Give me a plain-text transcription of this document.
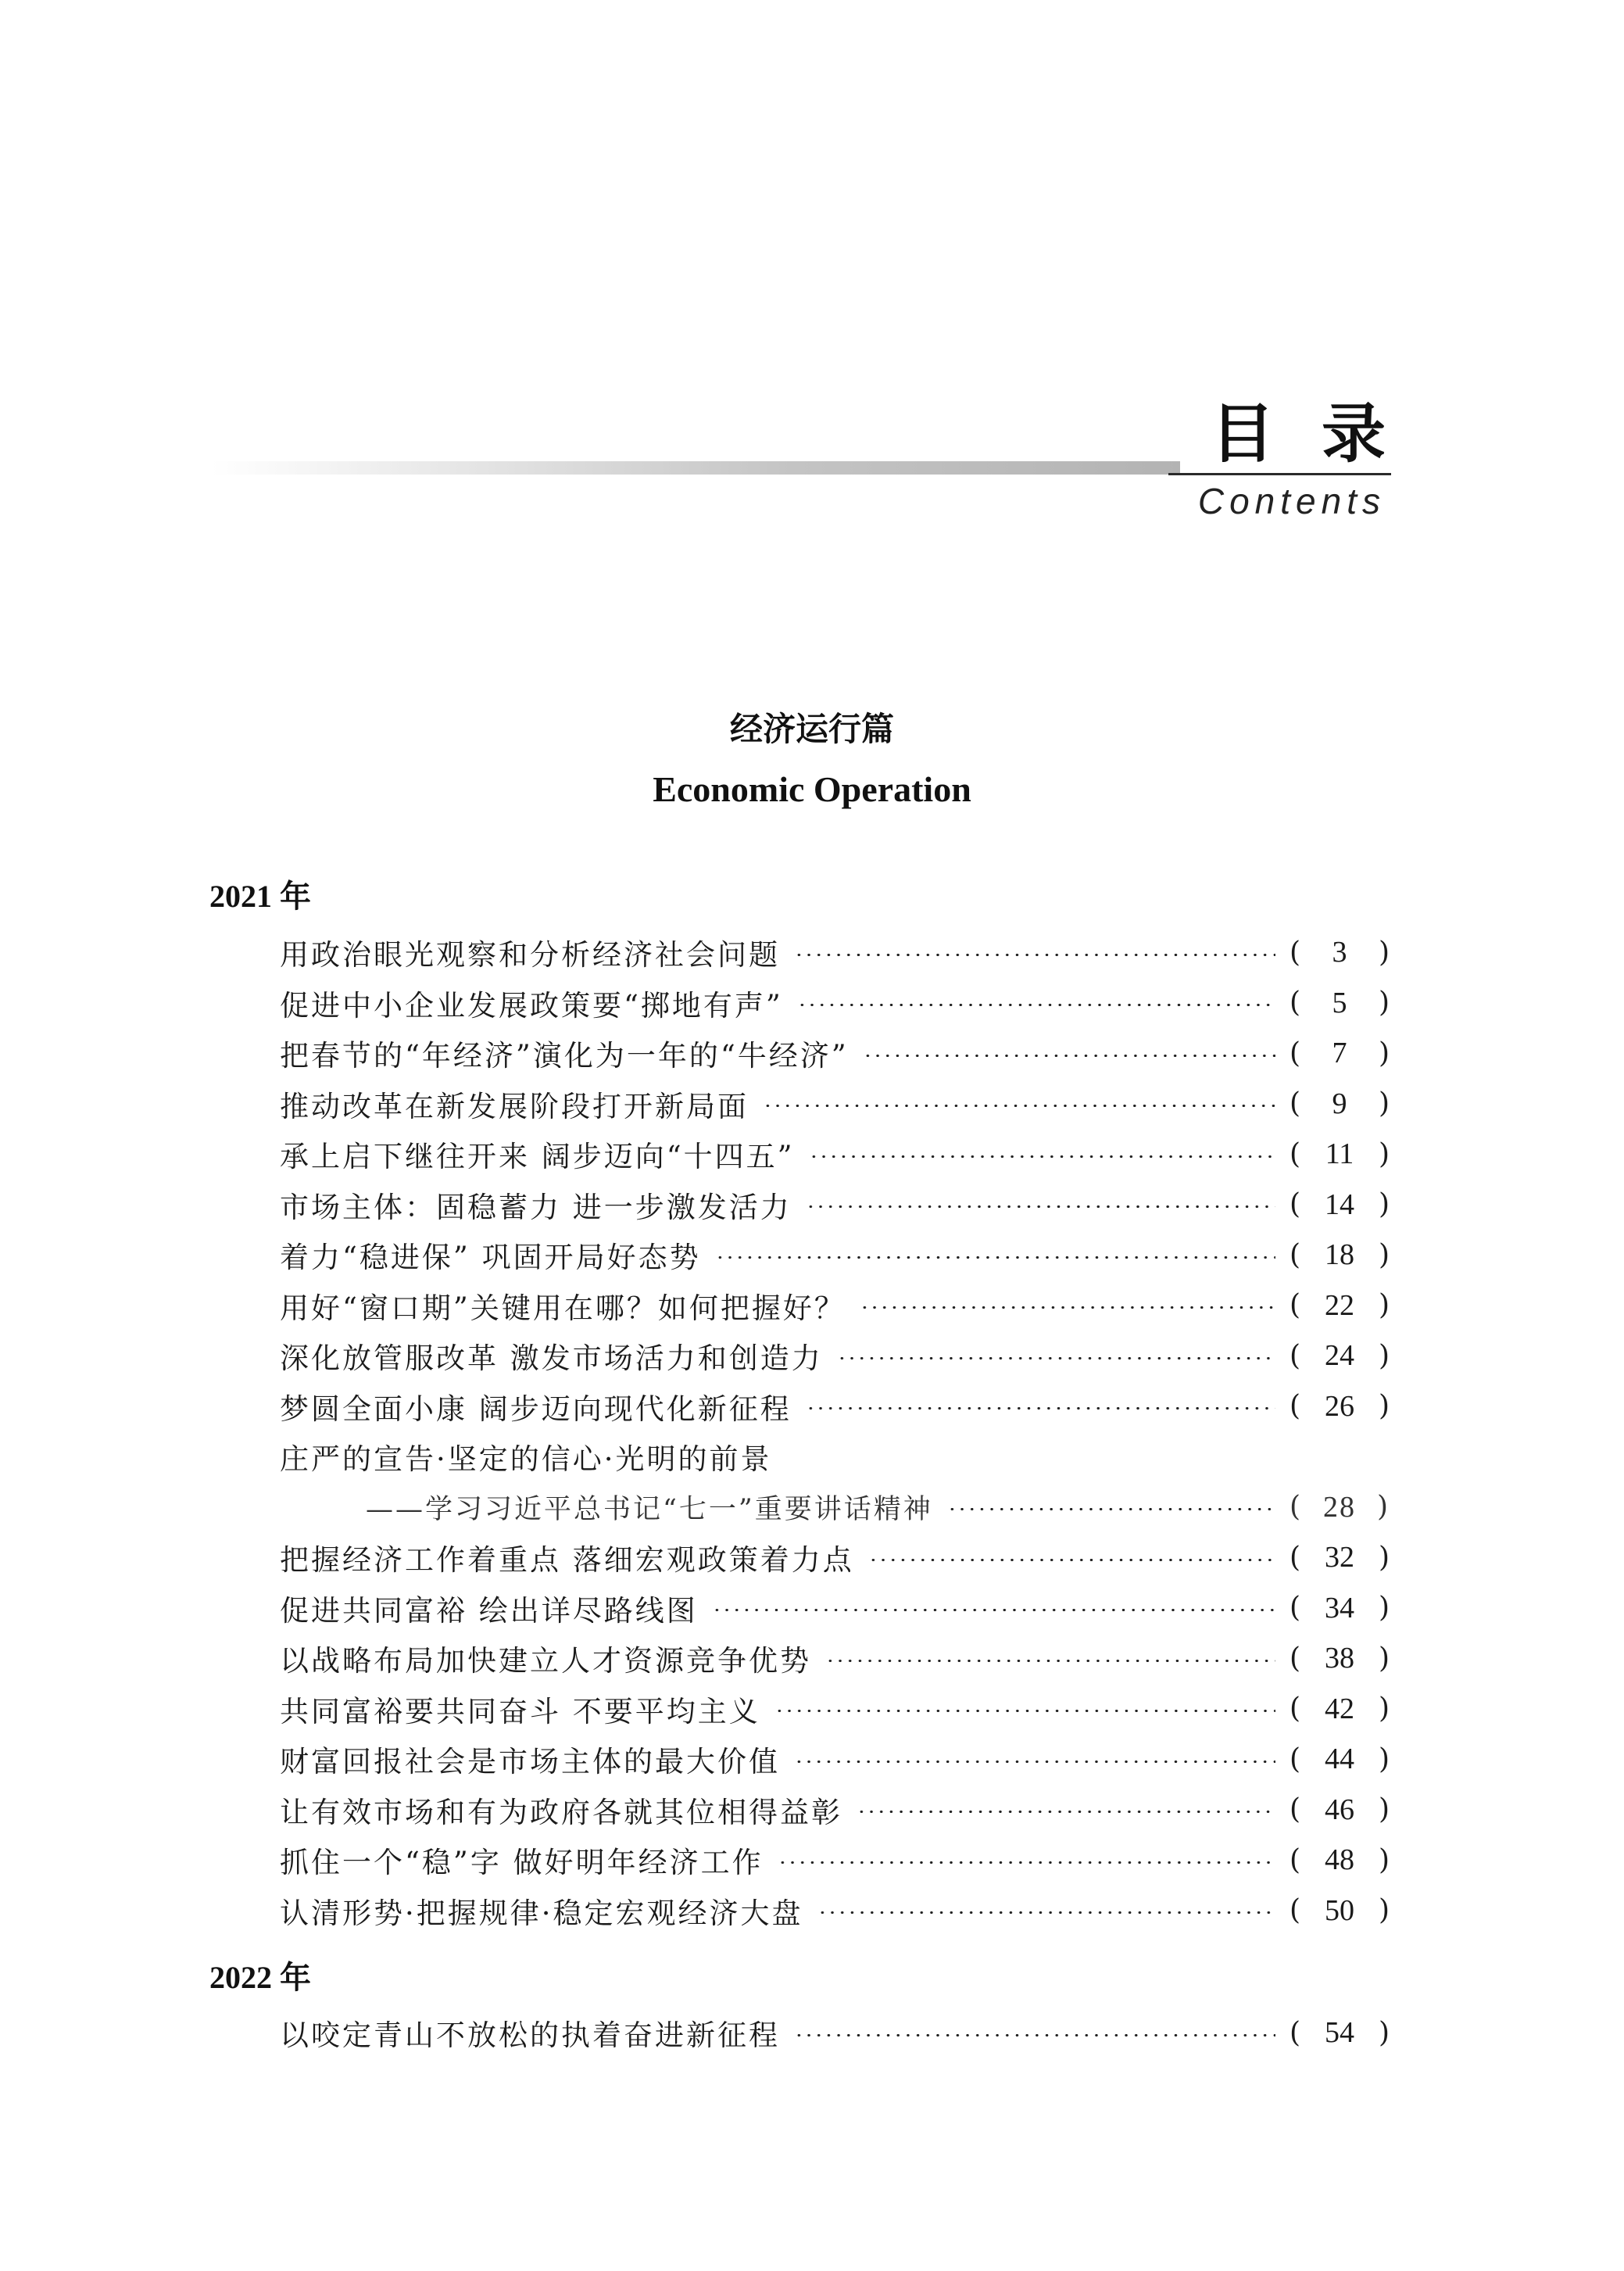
目录
Contents
经济运行篇
Economic Operation
2021 年
用政治眼光观察和分析经济社会问题	(	3	)
促进中小企业发展政策要“掷地有声”	(	5	)
把春节的“年经济”演化为一年的“牛经济”	(	7	)
推动改革在新发展阶段打开新局面	(	9	)
承上启下继往开来 阔步迈向“十四五”	( 11 )
市场主体：固稳蓄力 进一步激发活力	( 14 )
着力“稳进保” 巩固开局好态势	( 18 )
用好“窗口期”关键用在哪？如何把握好？	( 22 )
深化放管服改革 激发市场活力和创造力	( 24 )
梦圆全面小康 阔步迈向现代化新征程	( 26 )
庄严的宣告·坚定的信心·光明的前景
——学习习近平总书记“七一”重要讲话精神	( 28 )
把握经济工作着重点 落细宏观政策着力点	( 32 )
促进共同富裕 绘出详尽路线图	( 34 )
以战略布局加快建立人才资源竞争优势	( 38 )
共同富裕要共同奋斗 不要平均主义	( 42 )
财富回报社会是市场主体的最大价值	( 44 )
让有效市场和有为政府各就其位相得益彰	( 46 )
抓住一个“稳”字 做好明年经济工作	( 48 )
认清形势·把握规律·稳定宏观经济大盘	( 50 )
2022 年
以咬定青山不放松的执着奋进新征程	( 54 )
